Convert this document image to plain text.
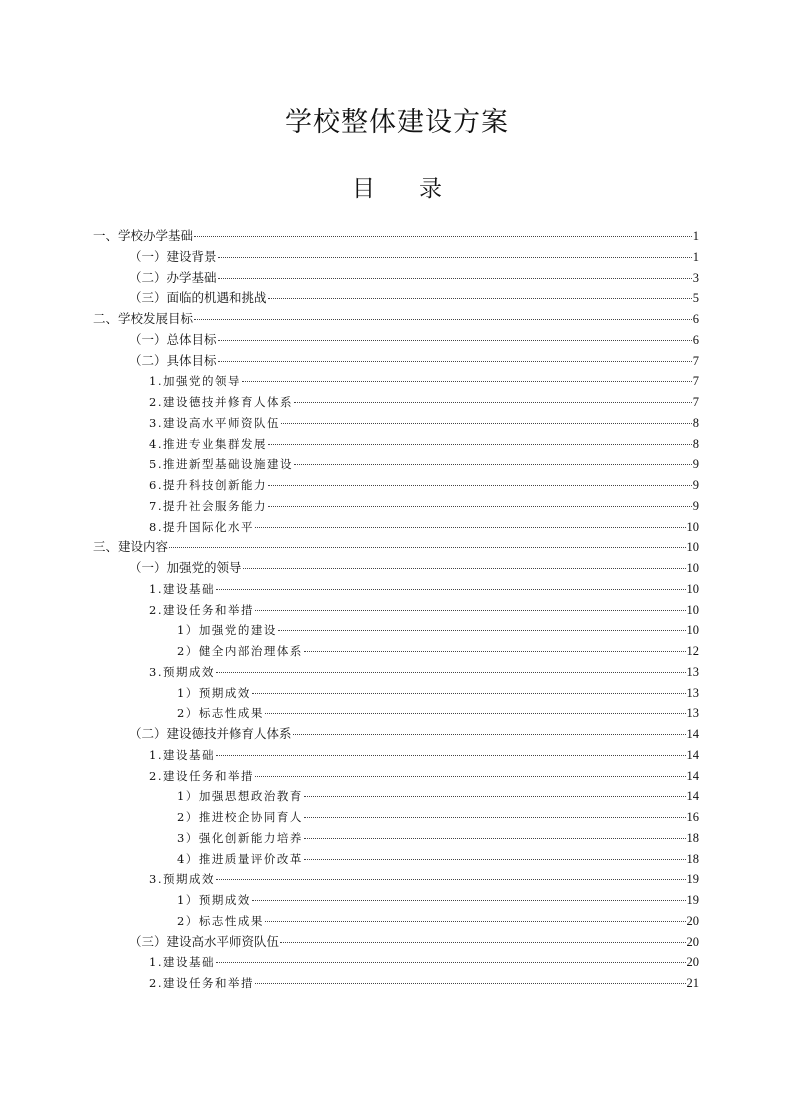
学校整体建设方案
目 录
一、学校办学基础	1
（一）建设背景	1
（二）办学基础	3
（三）面临的机遇和挑战	5
二、学校发展目标	6
（一）总体目标	6
（二）具体目标	7
1.加强党的领导	7
2.建设德技并修育人体系	7
3.建设高水平师资队伍	8
4.推进专业集群发展	8
5.推进新型基础设施建设	9
6.提升科技创新能力	9
7.提升社会服务能力	9
8.提升国际化水平	10
三、建设内容	10
（一）加强党的领导	10
1.建设基础	10
2.建设任务和举措	10
1）加强党的建设	10
2）健全内部治理体系	12
3.预期成效	13
1）预期成效	13
2）标志性成果	13
（二）建设德技并修育人体系	14
1.建设基础	14
2.建设任务和举措	14
1）加强思想政治教育	14
2）推进校企协同育人	16
3）强化创新能力培养	18
4）推进质量评价改革	18
3.预期成效	19
1）预期成效	19
2）标志性成果	20
（三）建设高水平师资队伍	20
1.建设基础	20
2.建设任务和举措	21
